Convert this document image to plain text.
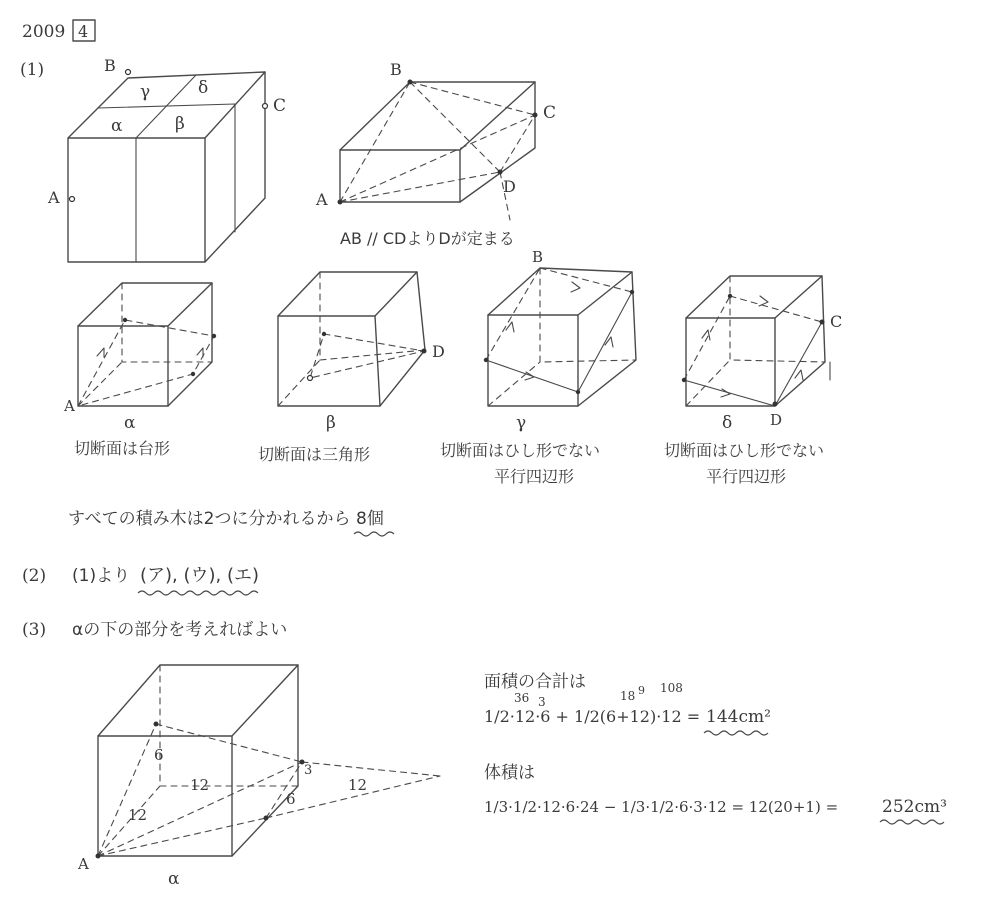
2009 4
(1)	B
C
A
γ	δ
α	β
B
C
D
A
AB // CDよりDが定まる
A
α
切断面は台形
D
β
切断面は三角形
B
γ
切断面はひし形でない
平行四辺形
C
D
δ
切断面はひし形でない
平行四辺形
すべての積み木は2つに分かれるから 8個
(2) (1)より (ア), (ウ), (エ)
(3) αの下の部分を考えればよい
6
12
12
3
6
12
A
α
面積の合計は
36 3	18 9 108
1/2·12·6 + 1/2(6+12)·12 = 144cm²
体積は
1/3·1/2·12·6·24 − 1/3·1/2·6·3·12 = 12(20+1) =	252cm³
